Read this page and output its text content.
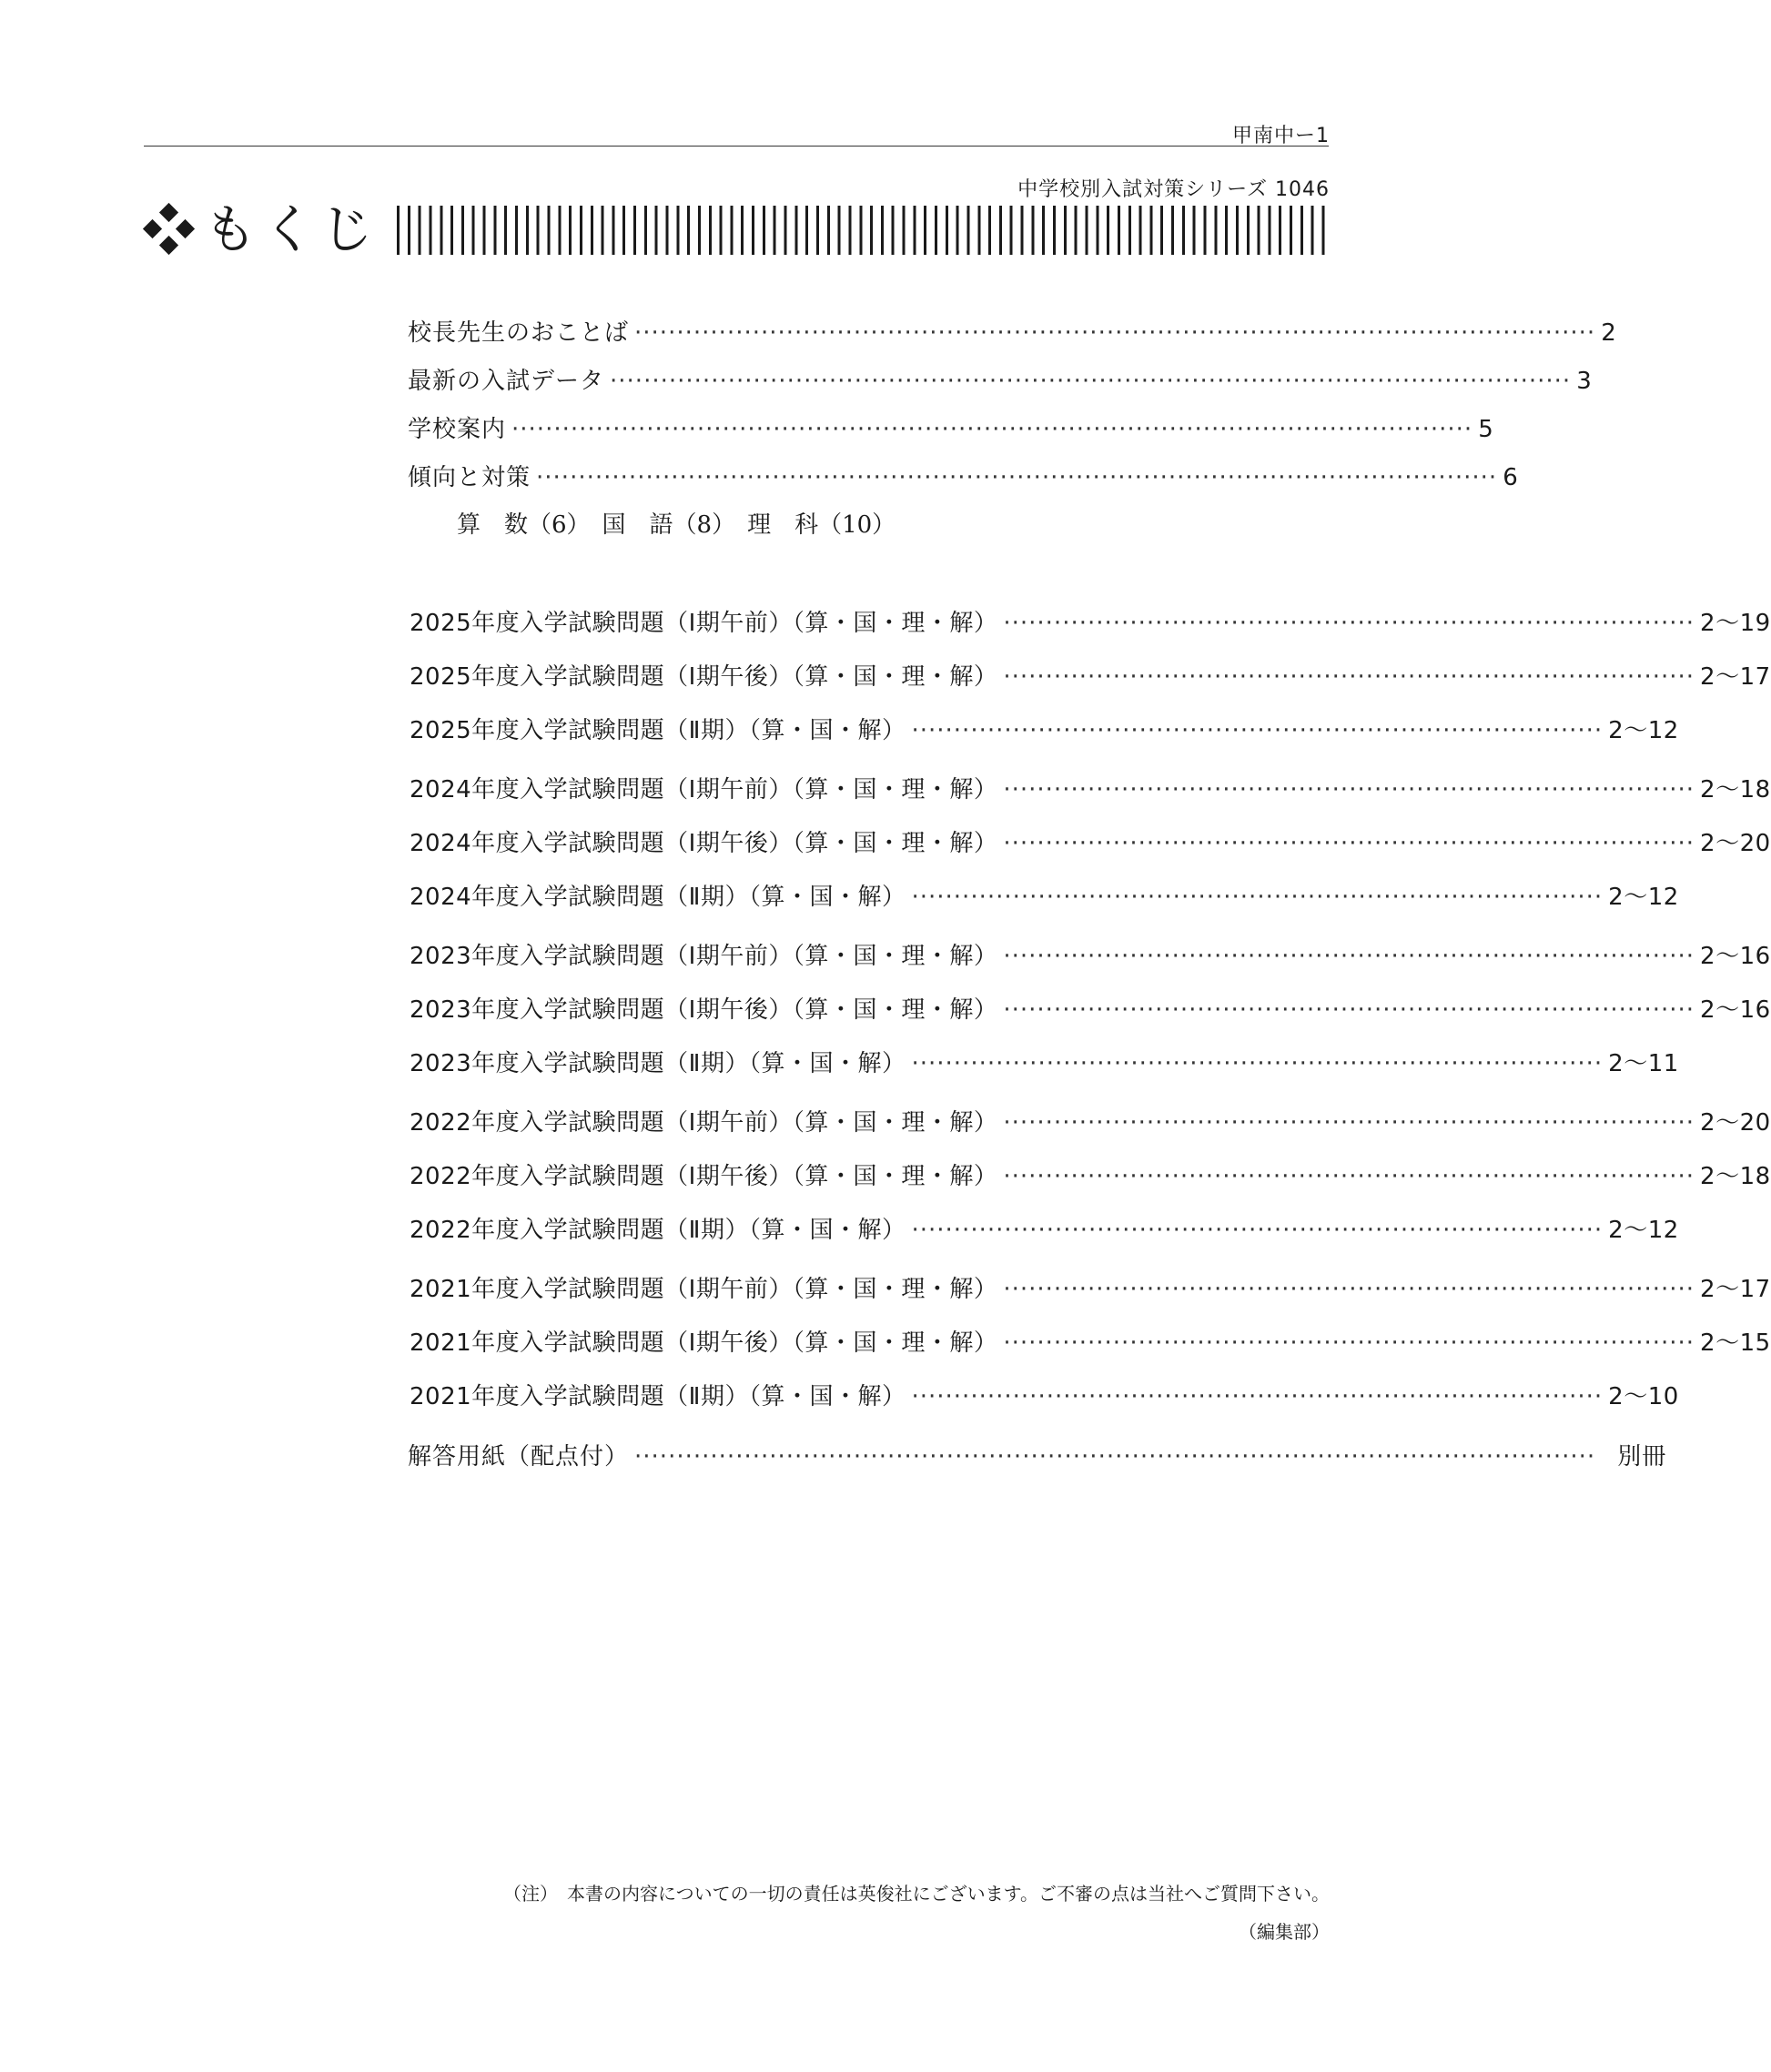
甲南中ー1
中学校別入試対策シリーズ 1046
もくじ
校長先生のおことば ·················································································································· 2
最新の入試データ ·················································································································· 3
学校案内 ·················································································································· 5
傾向と対策 ·················································································································· 6
算　数（6）　国　語（8）　理　科（10）
2025年度入学試験問題（Ⅰ期午前）（算・国・理・解） ·················································································· 2～19
2025年度入学試験問題（Ⅰ期午後）（算・国・理・解） ·················································································· 2～17
2025年度入学試験問題（Ⅱ期）（算・国・解） ·················································································· 2～12
2024年度入学試験問題（Ⅰ期午前）（算・国・理・解） ·················································································· 2～18
2024年度入学試験問題（Ⅰ期午後）（算・国・理・解） ·················································································· 2～20
2024年度入学試験問題（Ⅱ期）（算・国・解） ·················································································· 2～12
2023年度入学試験問題（Ⅰ期午前）（算・国・理・解） ·················································································· 2～16
2023年度入学試験問題（Ⅰ期午後）（算・国・理・解） ·················································································· 2～16
2023年度入学試験問題（Ⅱ期）（算・国・解） ·················································································· 2～11
2022年度入学試験問題（Ⅰ期午前）（算・国・理・解） ·················································································· 2～20
2022年度入学試験問題（Ⅰ期午後）（算・国・理・解） ·················································································· 2～18
2022年度入学試験問題（Ⅱ期）（算・国・解） ·················································································· 2～12
2021年度入学試験問題（Ⅰ期午前）（算・国・理・解） ·················································································· 2～17
2021年度入学試験問題（Ⅰ期午後）（算・国・理・解） ·················································································· 2～15
2021年度入学試験問題（Ⅱ期）（算・国・解） ·················································································· 2～10
解答用紙（配点付） ·················································································································· 別冊
（注）　本書の内容についての一切の責任は英俊社にございます。ご不審の点は当社へご質問下さい。
（編集部）
